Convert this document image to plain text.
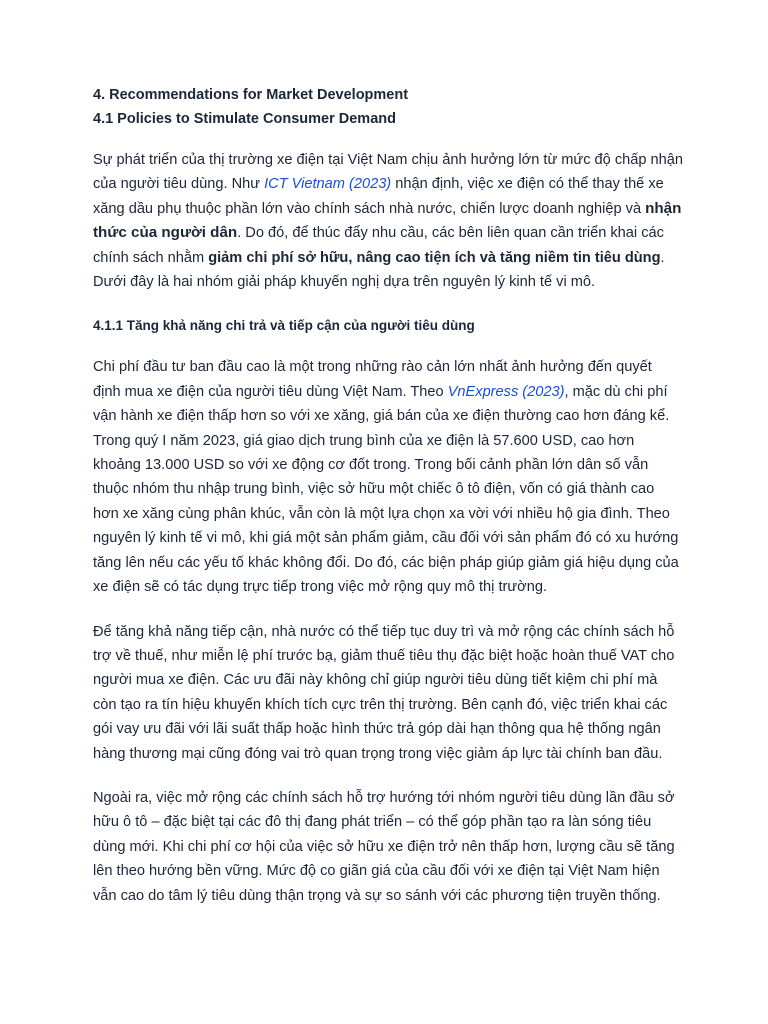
4. Recommendations for Market Development
4.1 Policies to Stimulate Consumer Demand

Sự phát triển của thị trường xe điện tại Việt Nam chịu ảnh hưởng lớn từ mức độ chấp nhận của người tiêu dùng. Như ICT Vietnam (2023) nhận định, việc xe điện có thể thay thế xe xăng dầu phụ thuộc phần lớn vào chính sách nhà nước, chiến lược doanh nghiệp và nhận thức của người dân. Do đó, để thúc đẩy nhu cầu, các bên liên quan cần triển khai các chính sách nhằm giảm chi phí sở hữu, nâng cao tiện ích và tăng niềm tin tiêu dùng. Dưới đây là hai nhóm giải pháp khuyến nghị dựa trên nguyên lý kinh tế vi mô.

4.1.1 Tăng khả năng chi trả và tiếp cận của người tiêu dùng

Chi phí đầu tư ban đầu cao là một trong những rào cản lớn nhất ảnh hưởng đến quyết định mua xe điện của người tiêu dùng Việt Nam. Theo VnExpress (2023), mặc dù chi phí vận hành xe điện thấp hơn so với xe xăng, giá bán của xe điện thường cao hơn đáng kể. Trong quý I năm 2023, giá giao dịch trung bình của xe điện là 57.600 USD, cao hơn khoảng 13.000 USD so với xe động cơ đốt trong. Trong bối cảnh phần lớn dân số vẫn thuộc nhóm thu nhập trung bình, việc sở hữu một chiếc ô tô điện, vốn có giá thành cao hơn xe xăng cùng phân khúc, vẫn còn là một lựa chọn xa vời với nhiều hộ gia đình. Theo nguyên lý kinh tế vi mô, khi giá một sản phẩm giảm, cầu đối với sản phẩm đó có xu hướng tăng lên nếu các yếu tố khác không đổi. Do đó, các biện pháp giúp giảm giá hiệu dụng của xe điện sẽ có tác dụng trực tiếp trong việc mở rộng quy mô thị trường.

Để tăng khả năng tiếp cận, nhà nước có thể tiếp tục duy trì và mở rộng các chính sách hỗ trợ về thuế, như miễn lệ phí trước bạ, giảm thuế tiêu thụ đặc biệt hoặc hoàn thuế VAT cho người mua xe điện. Các ưu đãi này không chỉ giúp người tiêu dùng tiết kiệm chi phí mà còn tạo ra tín hiệu khuyến khích tích cực trên thị trường. Bên cạnh đó, việc triển khai các gói vay ưu đãi với lãi suất thấp hoặc hình thức trả góp dài hạn thông qua hệ thống ngân hàng thương mại cũng đóng vai trò quan trọng trong việc giảm áp lực tài chính ban đầu.

Ngoài ra, việc mở rộng các chính sách hỗ trợ hướng tới nhóm người tiêu dùng lần đầu sở hữu ô tô – đặc biệt tại các đô thị đang phát triển – có thể góp phần tạo ra làn sóng tiêu dùng mới. Khi chi phí cơ hội của việc sở hữu xe điện trở nên thấp hơn, lượng cầu sẽ tăng lên theo hướng bền vững. Mức độ co giãn giá của cầu đối với xe điện tại Việt Nam hiện vẫn cao do tâm lý tiêu dùng thận trọng và sự so sánh với các phương tiện truyền thống.
